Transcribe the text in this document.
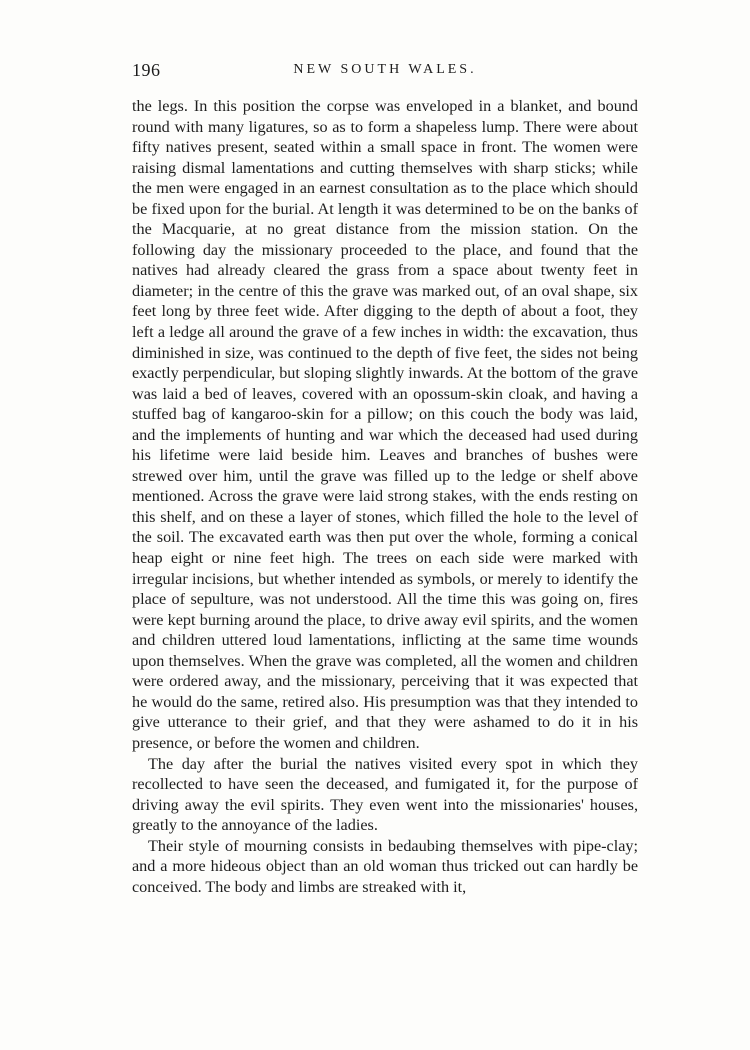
196	NEW SOUTH WALES.

the legs. In this position the corpse was enveloped in a blanket, and bound round with many ligatures, so as to form a shapeless lump. There were about fifty natives present, seated within a small space in front. The women were raising dismal lamentations and cutting themselves with sharp sticks; while the men were engaged in an earnest consultation as to the place which should be fixed upon for the burial. At length it was determined to be on the banks of the Macquarie, at no great distance from the mission station. On the following day the missionary proceeded to the place, and found that the natives had already cleared the grass from a space about twenty feet in diameter; in the centre of this the grave was marked out, of an oval shape, six feet long by three feet wide. After digging to the depth of about a foot, they left a ledge all around the grave of a few inches in width: the excavation, thus diminished in size, was continued to the depth of five feet, the sides not being exactly perpendicular, but sloping slightly inwards. At the bottom of the grave was laid a bed of leaves, covered with an opossum-skin cloak, and having a stuffed bag of kangaroo-skin for a pillow; on this couch the body was laid, and the implements of hunting and war which the deceased had used during his lifetime were laid beside him. Leaves and branches of bushes were strewed over him, until the grave was filled up to the ledge or shelf above mentioned. Across the grave were laid strong stakes, with the ends resting on this shelf, and on these a layer of stones, which filled the hole to the level of the soil. The excavated earth was then put over the whole, forming a conical heap eight or nine feet high. The trees on each side were marked with irregular incisions, but whether intended as symbols, or merely to identify the place of sepulture, was not understood. All the time this was going on, fires were kept burning around the place, to drive away evil spirits, and the women and children uttered loud lamentations, inflicting at the same time wounds upon themselves. When the grave was completed, all the women and children were ordered away, and the missionary, perceiving that it was expected that he would do the same, retired also. His presumption was that they intended to give utterance to their grief, and that they were ashamed to do it in his presence, or before the women and children.

The day after the burial the natives visited every spot in which they recollected to have seen the deceased, and fumigated it, for the purpose of driving away the evil spirits. They even went into the missionaries' houses, greatly to the annoyance of the ladies.

Their style of mourning consists in bedaubing themselves with pipe-clay; and a more hideous object than an old woman thus tricked out can hardly be conceived. The body and limbs are streaked with it,
